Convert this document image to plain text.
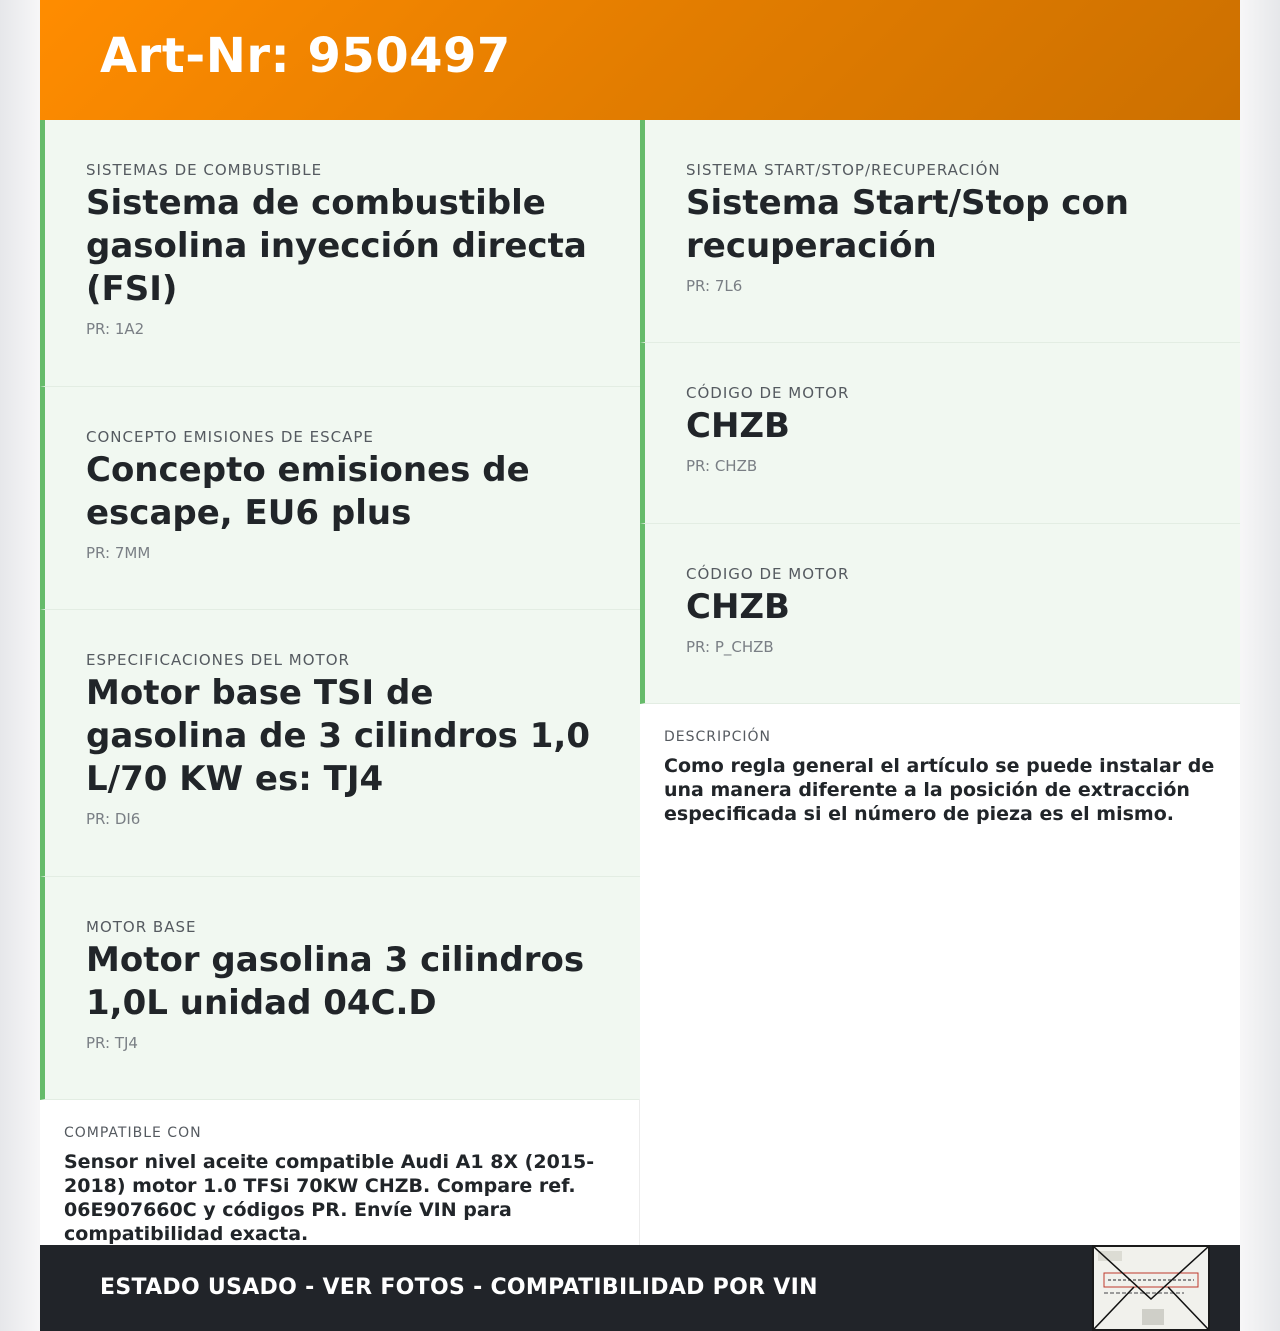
Art-Nr: 950497

SISTEMAS DE COMBUSTIBLE

Sistema de combustible gasolina inyección directa (FSI)

PR: 1A2

CONCEPTO EMISIONES DE ESCAPE

Concepto emisiones de escape, EU6 plus

PR: 7MM

ESPECIFICACIONES DEL MOTOR

Motor base TSI de gasolina de 3 cilindros 1,0 L/70 KW es: TJ4

PR: DI6

MOTOR BASE

Motor gasolina 3 cilindros 1,0L unidad 04C.D

PR: TJ4

SISTEMA START/STOP/RECUPERACIÓN

Sistema Start/Stop con recuperación

PR: 7L6

CÓDIGO DE MOTOR

CHZB

PR: CHZB

CÓDIGO DE MOTOR

CHZB

PR: P_CHZB

DESCRIPCIÓN

Como regla general el artículo se puede instalar de una manera diferente a la posición de extracción especificada si el número de pieza es el mismo.

COMPATIBLE CON

Sensor nivel aceite compatible Audi A1 8X (2015-2018) motor 1.0 TFSi 70KW CHZB. Compare ref. 06E907660C y códigos PR. Envíe VIN para compatibilidad exacta.

ESTADO USADO - VER FOTOS - COMPATIBILIDAD POR VIN
